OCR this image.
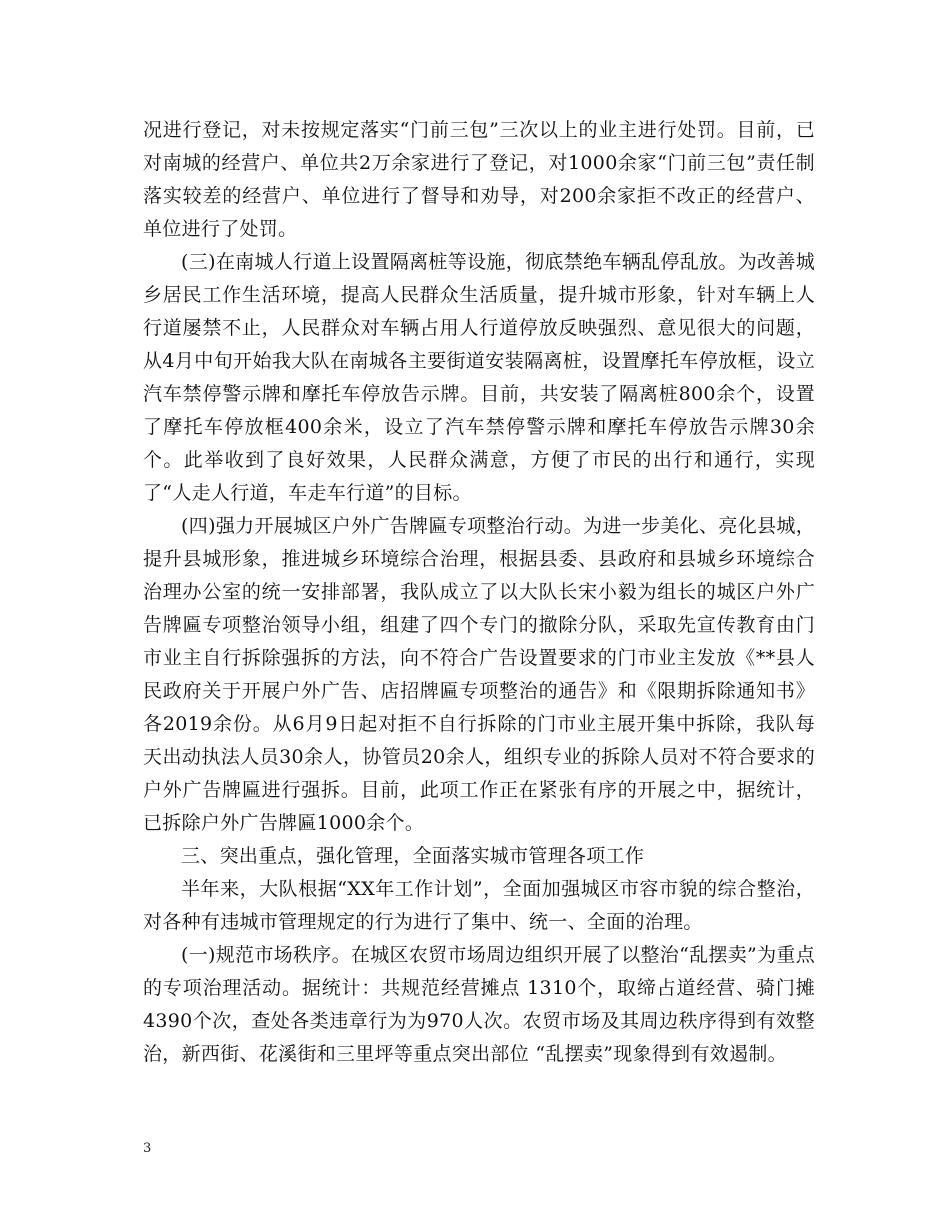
况进行登记，对未按规定落实“门前三包”三次以上的业主进行处罚。目前，已对南城的经营户、单位共2万余家进行了登记，对1000余家“门前三包”责任制落实较差的经营户、单位进行了督导和劝导，对200余家拒不改正的经营户、单位进行了处罚。

(三)在南城人行道上设置隔离桩等设施，彻底禁绝车辆乱停乱放。为改善城乡居民工作生活环境，提高人民群众生活质量，提升城市形象，针对车辆上人行道屡禁不止，人民群众对车辆占用人行道停放反映强烈、意见很大的问题，从4月中旬开始我大队在南城各主要街道安装隔离桩，设置摩托车停放框，设立汽车禁停警示牌和摩托车停放告示牌。目前，共安装了隔离桩800余个，设置了摩托车停放框400余米，设立了汽车禁停警示牌和摩托车停放告示牌30余个。此举收到了良好效果，人民群众满意，方便了市民的出行和通行，实现了“人走人行道，车走车行道”的目标。

(四)强力开展城区户外广告牌匾专项整治行动。为进一步美化、亮化县城，提升县城形象，推进城乡环境综合治理，根据县委、县政府和县城乡环境综合治理办公室的统一安排部署，我队成立了以大队长宋小毅为组长的城区户外广告牌匾专项整治领导小组，组建了四个专门的撤除分队，采取先宣传教育由门市业主自行拆除强拆的方法，向不符合广告设置要求的门市业主发放《**县人民政府关于开展户外广告、店招牌匾专项整治的通告》和《限期拆除通知书》各2019余份。从6月9日起对拒不自行拆除的门市业主展开集中拆除，我队每天出动执法人员30余人，协管员20余人，组织专业的拆除人员对不符合要求的户外广告牌匾进行强拆。目前，此项工作正在紧张有序的开展之中，据统计，已拆除户外广告牌匾1000余个。

三、突出重点，强化管理，全面落实城市管理各项工作

半年来，大队根据“XX年工作计划”，全面加强城区市容市貌的综合整治，对各种有违城市管理规定的行为进行了集中、统一、全面的治理。

(一)规范市场秩序。在城区农贸市场周边组织开展了以整治“乱摆卖”为重点的专项治理活动。据统计：共规范经营摊点 1310个，取缔占道经营、骑门摊4390个次，查处各类违章行为为970人次。农贸市场及其周边秩序得到有效整治，新西街、花溪街和三里坪等重点突出部位 “乱摆卖”现象得到有效遏制。

3
